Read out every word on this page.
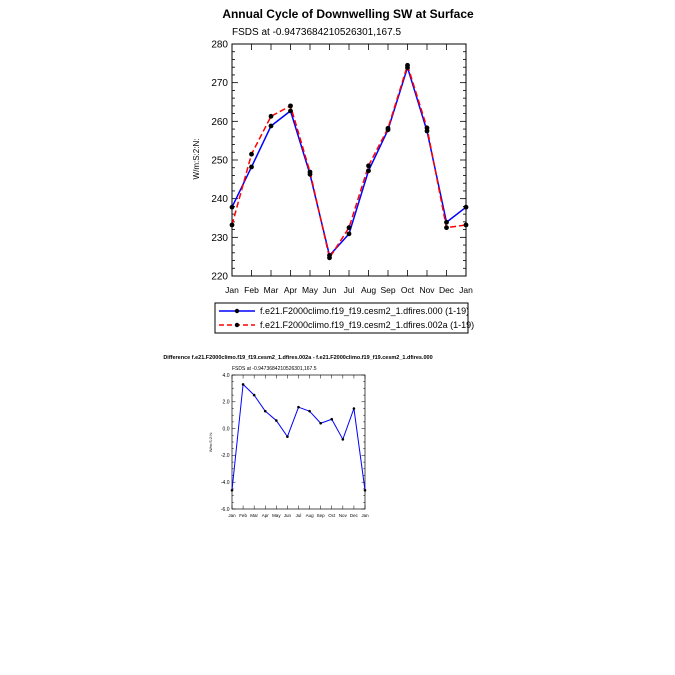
Annual Cycle of Downwelling SW at Surface
FSDS at -0.9473684210526301,167.5
W/m:S:2:N:
220
230
240
250
260
270
280
Jan Feb Mar Apr May Jun Jul Aug Sep Oct Nov Dec Jan
f.e21.F2000climo.f19_f19.cesm2_1.dfires.000 (1-19)
f.e21.F2000climo.f19_f19.cesm2_1.dfires.002a (1-19)
Difference f.e21.F2000climo.f19_f19.cesm2_1.dfires.002a - f.e21.F2000climo.f19_f19.cesm2_1.dfires.000
FSDS at -0.9473684210526301,167.5
W/m:S:2:N:
-6.0
-4.0
-2.0
0.0
2.0
4.0
Jan Feb Mar Apr May Jun Jul Aug Sep Oct Nov Dec Jan
